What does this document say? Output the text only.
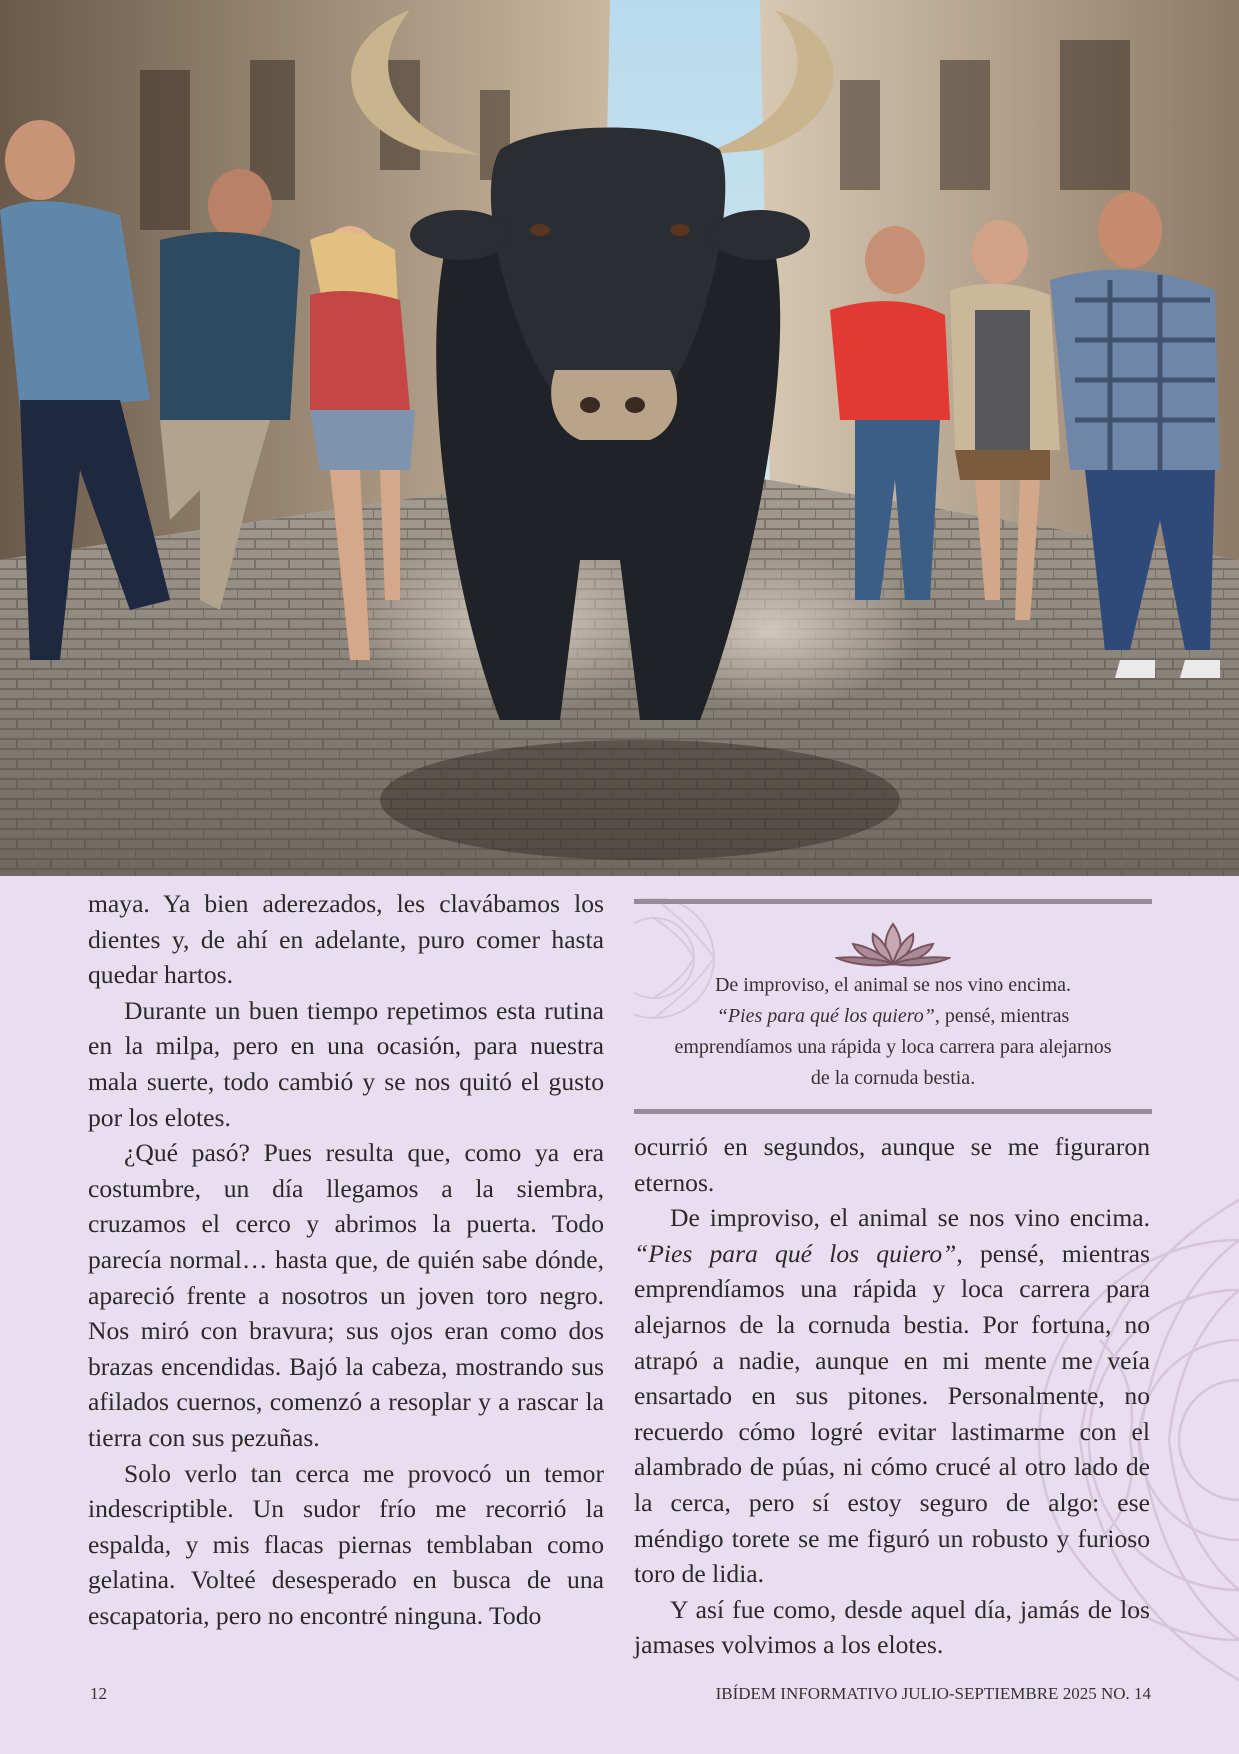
maya. Ya bien aderezados, les clavábamos los dientes y, de ahí en adelante, puro comer hasta quedar hartos.

Durante un buen tiempo repetimos esta rutina en la milpa, pero en una ocasión, para nuestra mala suerte, todo cambió y se nos quitó el gusto por los elotes.

¿Qué pasó? Pues resulta que, como ya era costumbre, un día llegamos a la siembra, cruzamos el cerco y abrimos la puerta. Todo parecía normal… hasta que, de quién sabe dónde, apareció frente a nosotros un joven toro negro. Nos miró con bravura; sus ojos eran como dos brazas encendidas. Bajó la cabeza, mostrando sus afilados cuernos, comenzó a resoplar y a rascar la tierra con sus pezuñas.

Solo verlo tan cerca me provocó un temor indescriptible. Un sudor frío me recorrió la espalda, y mis flacas piernas temblaban como gelatina. Volteé desesperado en busca de una escapatoria, pero no encontré ninguna. Todo

De improviso, el animal se nos vino encima.

“Pies para qué los quiero”, pensé, mientras emprendíamos una rápida y loca carrera para alejarnos de la cornuda bestia.

ocurrió en segundos, aunque se me figuraron eternos.

De improviso, el animal se nos vino encima. “Pies para qué los quiero”, pensé, mientras emprendíamos una rápida y loca carrera para alejarnos de la cornuda bestia. Por fortuna, no atrapó a nadie, aunque en mi mente me veía ensartado en sus pitones. Personalmente, no recuerdo cómo logré evitar lastimarme con el alambrado de púas, ni cómo crucé al otro lado de la cerca, pero sí estoy seguro de algo: ese méndigo torete se me figuró un robusto y furioso toro de lidia.

Y así fue como, desde aquel día, jamás de los jamases volvimos a los elotes.

12	IBÍDEM INFORMATIVO JULIO-SEPTIEMBRE 2025 NO. 14
